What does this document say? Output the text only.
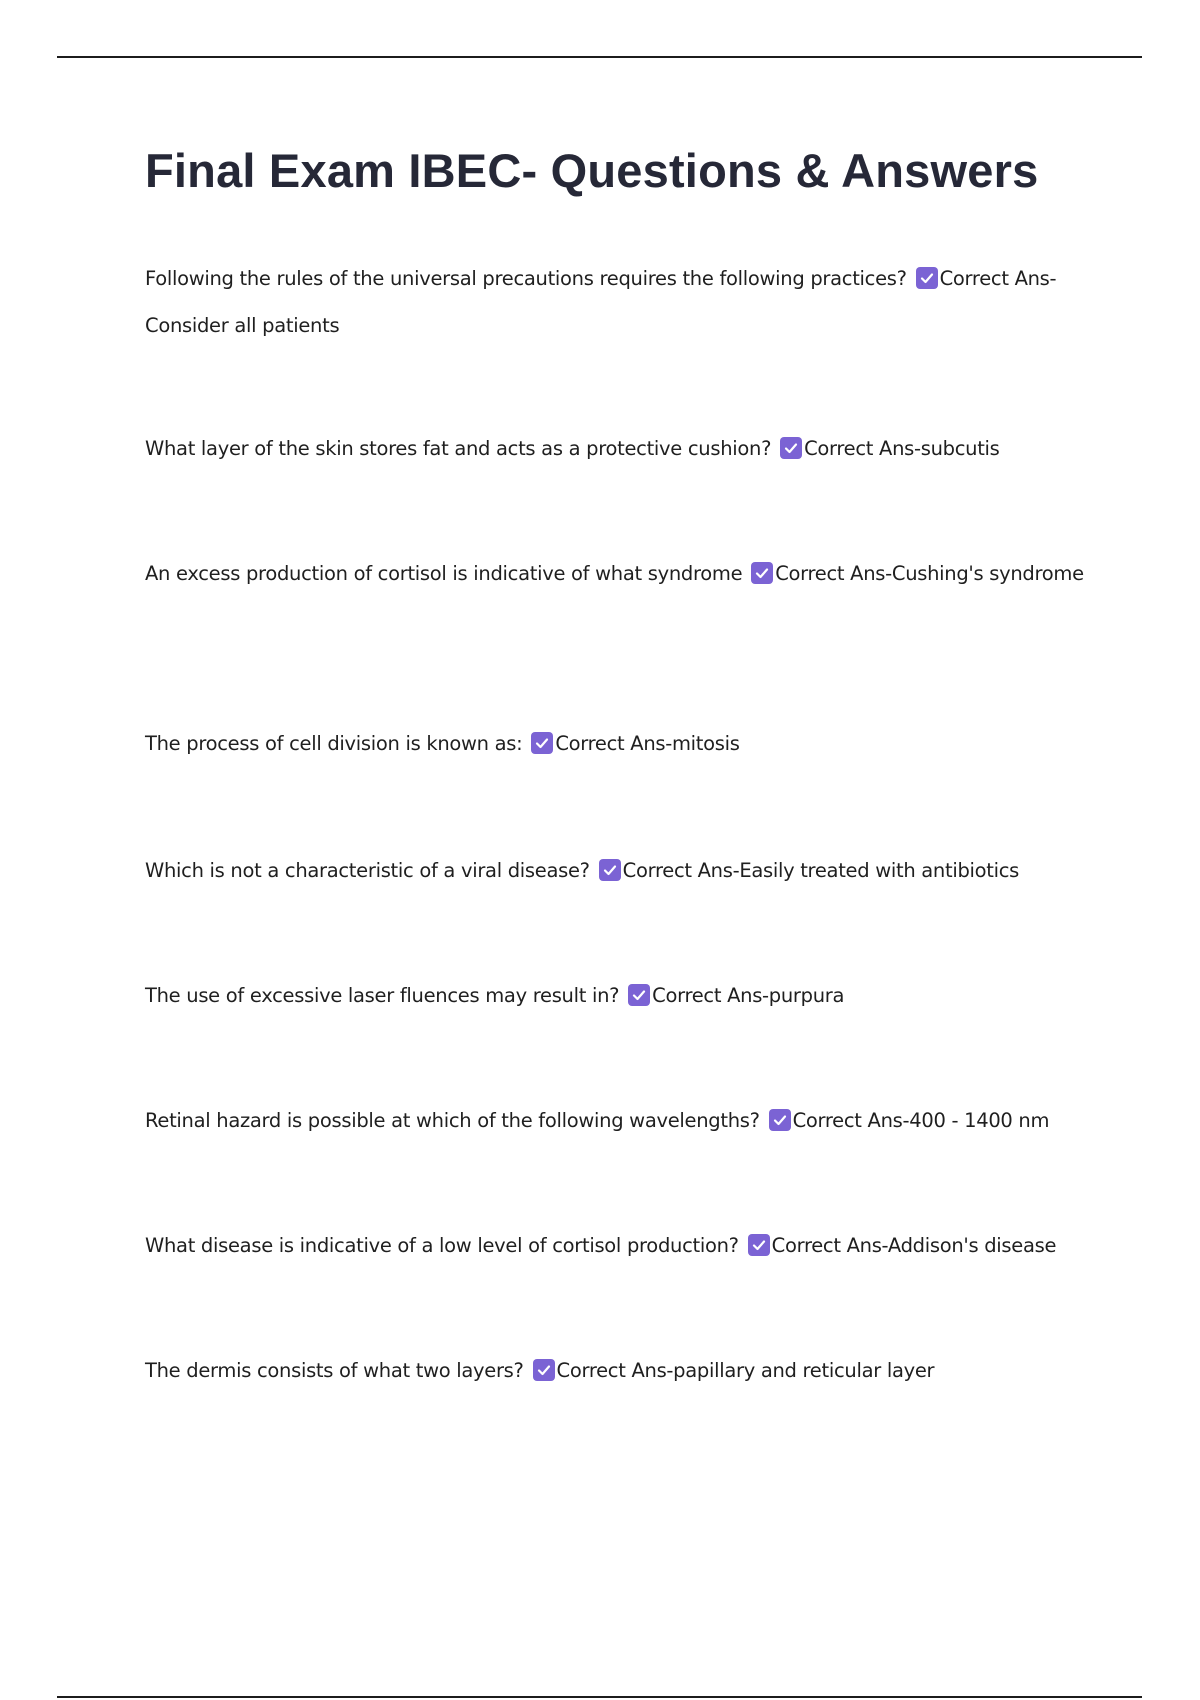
Final Exam IBEC- Questions & Answers

Following the rules of the universal precautions requires the following practices? Correct Ans-Consider all patients

What layer of the skin stores fat and acts as a protective cushion? Correct Ans-subcutis

An excess production of cortisol is indicative of what syndrome Correct Ans-Cushing's syndrome

The process of cell division is known as: Correct Ans-mitosis

Which is not a characteristic of a viral disease? Correct Ans-Easily treated with antibiotics

The use of excessive laser fluences may result in? Correct Ans-purpura

Retinal hazard is possible at which of the following wavelengths? Correct Ans-400 - 1400 nm

What disease is indicative of a low level of cortisol production? Correct Ans-Addison's disease

The dermis consists of what two layers? Correct Ans-papillary and reticular layer
